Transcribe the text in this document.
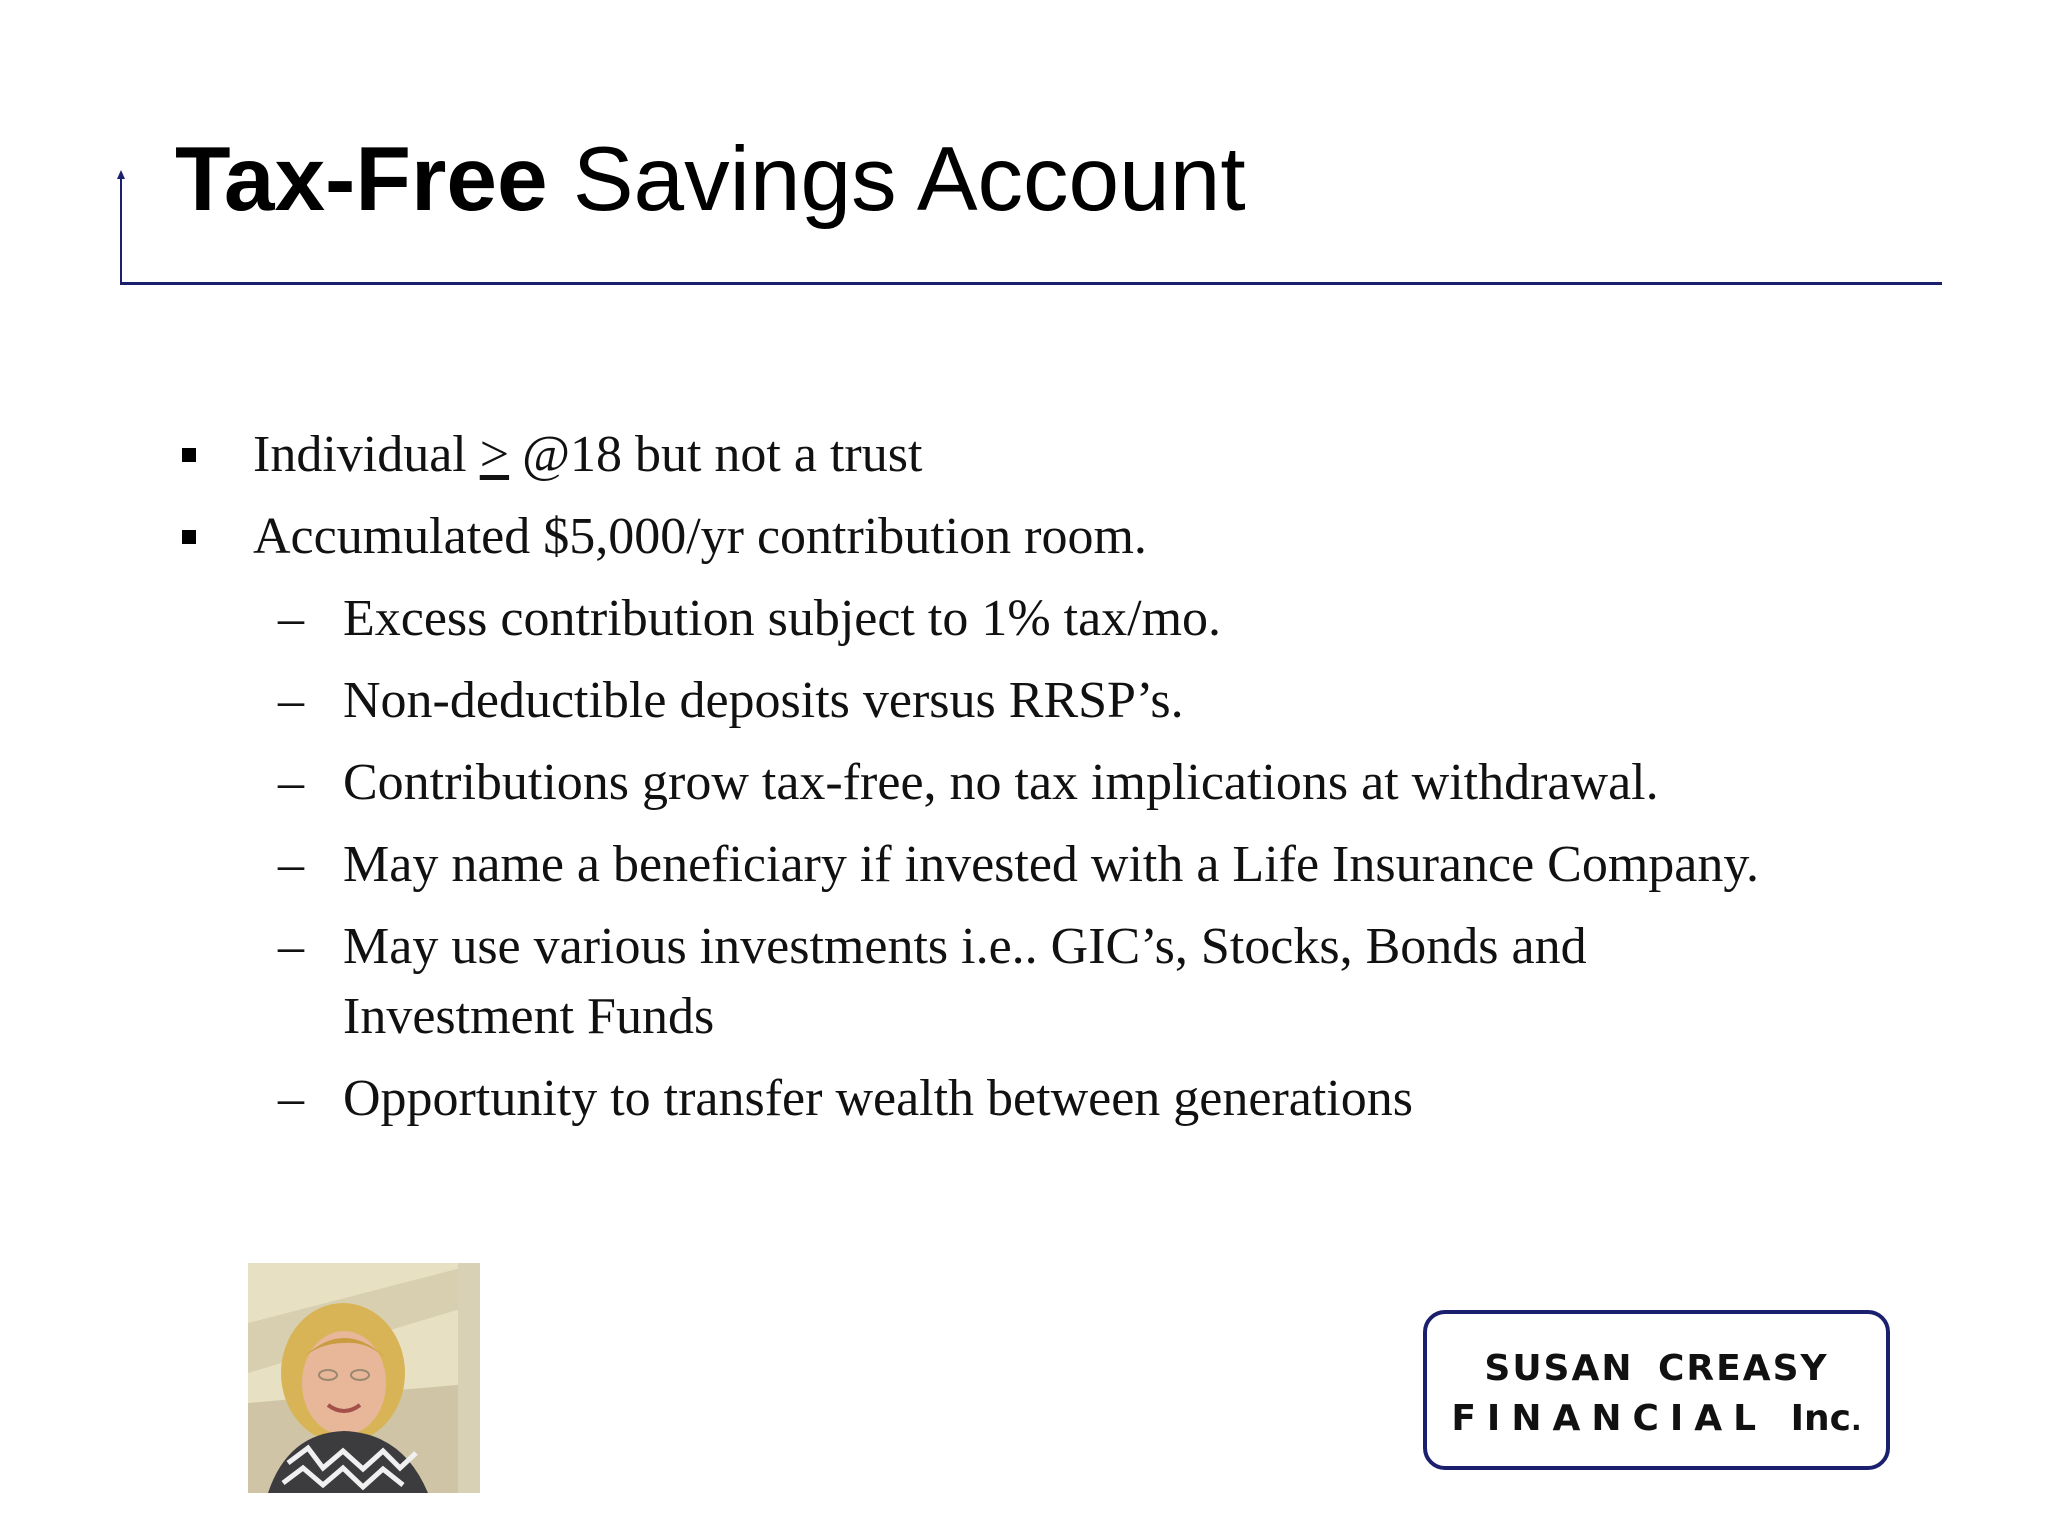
Tax-Free Savings Account
Individual > @18 but not a trust
Accumulated $5,000/yr contribution room.
– Excess contribution subject to 1% tax/mo.
– Non-deductible deposits versus RRSP’s.
– Contributions grow tax-free, no tax implications at withdrawal.
– May name a beneficiary if invested with a Life Insurance Company.
– May use various investments i.e.. GIC’s, Stocks, Bonds and
Investment Funds
– Opportunity to transfer wealth between generations
SUSAN CREASY
FINANCIAL Inc.
